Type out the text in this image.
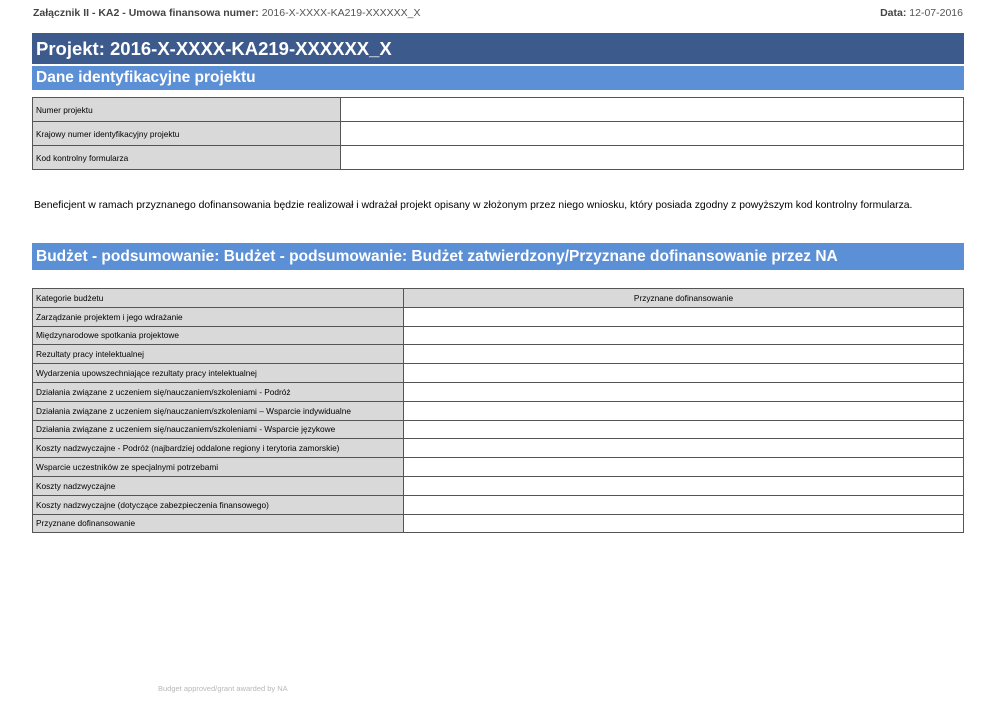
Załącznik II - KA2 - Umowa finansowa numer: 2016-X-XXXX-KA219-XXXXXX_X	Data: 12-07-2016
Projekt: 2016-X-XXXX-KA219-XXXXXX_X
Dane identyfikacyjne projektu
Numer projektu	
Krajowy numer identyfikacyjny projektu	
Kod kontrolny formularza	
Beneficjent w ramach przyznanego dofinansowania będzie realizował i wdrażał projekt opisany w złożonym przez niego wniosku, który posiada zgodny z powyższym kod kontrolny formularza.
Budżet - podsumowanie: Budżet - podsumowanie: Budżet zatwierdzony/Przyznane dofinansowanie przez NA
Kategorie budżetu	Przyznane dofinansowanie
Zarządzanie projektem i jego wdrażanie	
Międzynarodowe spotkania projektowe	
Rezultaty pracy intelektualnej	
Wydarzenia upowszechniające rezultaty pracy intelektualnej	
Działania związane z uczeniem się/nauczaniem/szkoleniami - Podróż	
Działania związane z uczeniem się/nauczaniem/szkoleniami – Wsparcie indywidualne	
Działania związane z uczeniem się/nauczaniem/szkoleniami - Wsparcie językowe	
Koszty nadzwyczajne - Podróż (najbardziej oddalone regiony i terytoria zamorskie)	
Wsparcie uczestników ze specjalnymi potrzebami	
Koszty nadzwyczajne	
Koszty nadzwyczajne (dotyczące zabezpieczenia finansowego)	
Przyznane dofinansowanie	
Budget approved/grant awarded by NA
